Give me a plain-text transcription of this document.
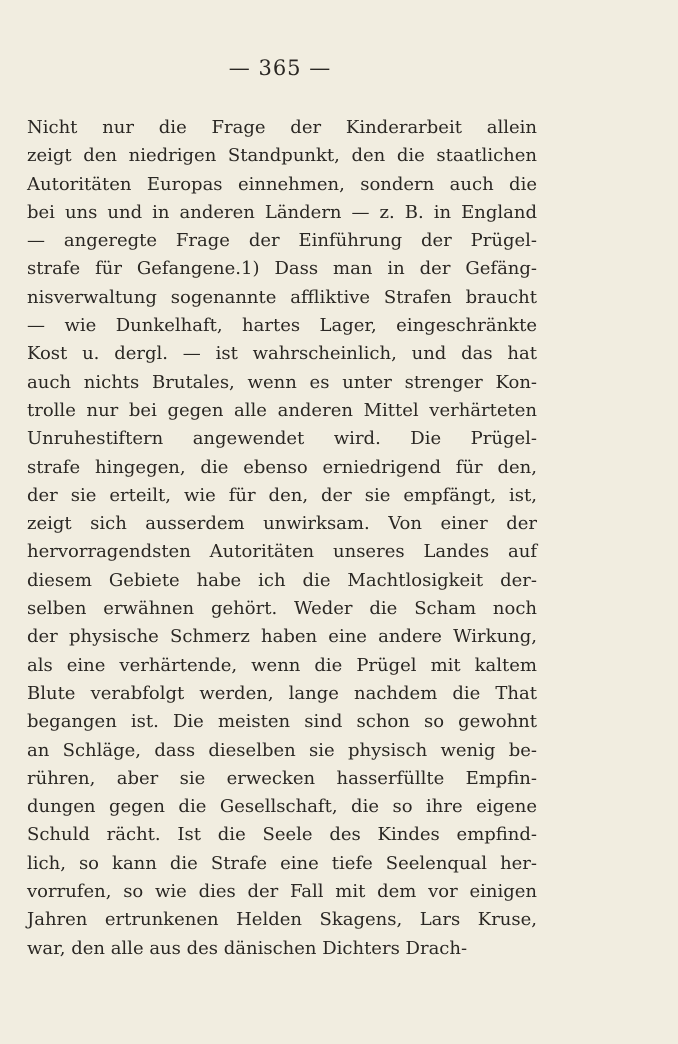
— 365 —
Nicht nur die Frage der Kinderarbeit allein
zeigt den niedrigen Standpunkt, den die staatlichen
Autoritäten Europas einnehmen, sondern auch die
bei uns und in anderen Ländern — z. B. in England
— angeregte Frage der Einführung der Prügel-
strafe für Gefangene.1) Dass man in der Gefäng-
nisverwaltung sogenannte affliktive Strafen braucht
— wie Dunkelhaft, hartes Lager, eingeschränkte
Kost u. dergl. — ist wahrscheinlich, und das hat
auch nichts Brutales, wenn es unter strenger Kon-
trolle nur bei gegen alle anderen Mittel verhärteten
Unruhestiftern angewendet wird. Die Prügel-
strafe hingegen, die ebenso erniedrigend für den,
der sie erteilt, wie für den, der sie empfängt, ist,
zeigt sich ausserdem unwirksam. Von einer der
hervorragendsten Autoritäten unseres Landes auf
diesem Gebiete habe ich die Machtlosigkeit der-
selben erwähnen gehört. Weder die Scham noch
der physische Schmerz haben eine andere Wirkung,
als eine verhärtende, wenn die Prügel mit kaltem
Blute verabfolgt werden, lange nachdem die That
begangen ist. Die meisten sind schon so gewohnt
an Schläge, dass dieselben sie physisch wenig be-
rühren, aber sie erwecken hasserfüllte Empfin-
dungen gegen die Gesellschaft, die so ihre eigene
Schuld rächt. Ist die Seele des Kindes empfind-
lich, so kann die Strafe eine tiefe Seelenqual her-
vorrufen, so wie dies der Fall mit dem vor einigen
Jahren ertrunkenen Helden Skagens, Lars Kruse,
war, den alle aus des dänischen Dichters Drach-
